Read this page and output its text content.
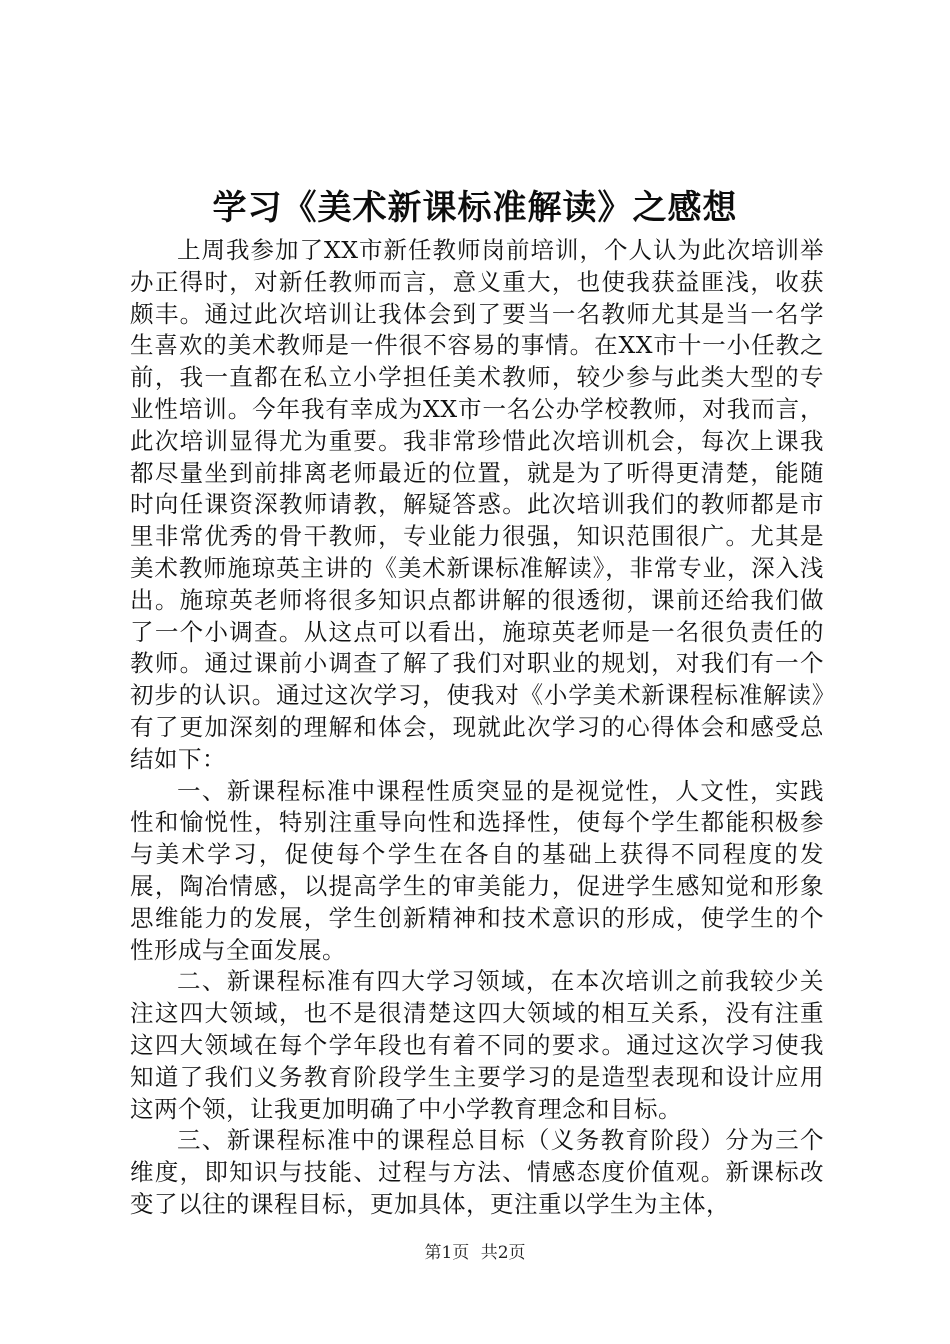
学习《美术新课标准解读》之感想

上周我参加了XX市新任教师岗前培训，个人认为此次培训举办正得时，对新任教师而言，意义重大，也使我获益匪浅，收获颇丰。通过此次培训让我体会到了要当一名教师尤其是当一名学生喜欢的美术教师是一件很不容易的事情。在XX市十一小任教之前，我一直都在私立小学担任美术教师，较少参与此类大型的专业性培训。今年我有幸成为XX市一名公办学校教师，对我而言，此次培训显得尤为重要。我非常珍惜此次培训机会，每次上课我都尽量坐到前排离老师最近的位置，就是为了听得更清楚，能随时向任课资深教师请教，解疑答惑。此次培训我们的教师都是市里非常优秀的骨干教师，专业能力很强，知识范围很广。尤其是美术教师施琼英主讲的《美术新课标准解读》，非常专业，深入浅出。施琼英老师将很多知识点都讲解的很透彻，课前还给我们做了一个小调查。从这点可以看出，施琼英老师是一名很负责任的教师。通过课前小调查了解了我们对职业的规划，对我们有一个初步的认识。通过这次学习，使我对《小学美术新课程标准解读》有了更加深刻的理解和体会，现就此次学习的心得体会和感受总结如下：

一、新课程标准中课程性质突显的是视觉性，人文性，实践性和愉悦性，特别注重导向性和选择性，使每个学生都能积极参与美术学习，促使每个学生在各自的基础上获得不同程度的发展，陶冶情感，以提高学生的审美能力，促进学生感知觉和形象思维能力的发展，学生创新精神和技术意识的形成，使学生的个性形成与全面发展。

二、新课程标准有四大学习领域，在本次培训之前我较少关注这四大领域，也不是很清楚这四大领域的相互关系，没有注重这四大领域在每个学年段也有着不同的要求。通过这次学习使我知道了我们义务教育阶段学生主要学习的是造型表现和设计应用这两个领，让我更加明确了中小学教育理念和目标。

三、新课程标准中的课程总目标（义务教育阶段）分为三个维度，即知识与技能、过程与方法、情感态度价值观。新课标改变了以往的课程目标，更加具体，更注重以学生为主体，

第1页 共2页
